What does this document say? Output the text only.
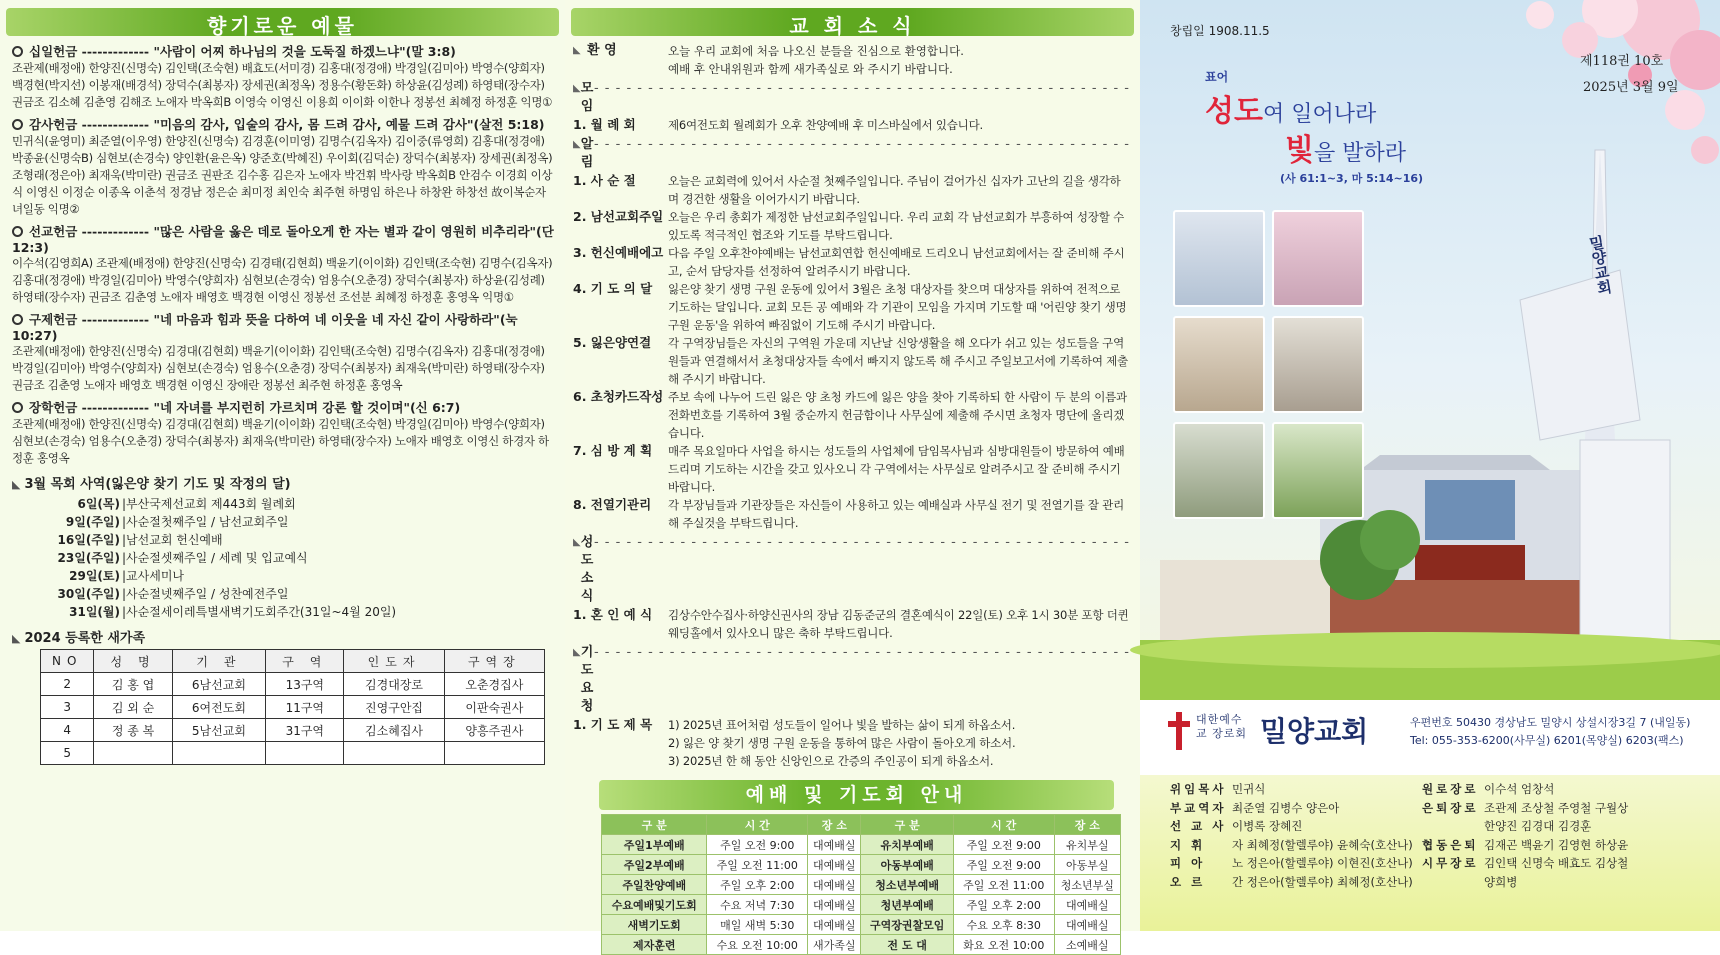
향기로운 예물
십일헌금 ------------- "사람이 어찌 하나님의 것을 도둑질 하겠느냐"(말 3:8)
조관제(배정애) 한양진(신명숙) 김인택(조숙현) 배효도(서미경) 김홍대(정경애) 박경일(김미아) 박영수(양희자) 백경현(박지선) 이봉재(배경석) 장덕수(최봉자) 장세권(최정옥) 정용수(황돈화) 하상윤(김성례) 하영태(장수자) 권금조 김소혜 김춘영 김해조 노애자 박옥희B 이영숙 이영신 이용희 이이화 이한나 정봉선 최혜정 하정훈 익명①
감사헌금 ------------- "미음의 감사, 입술의 감사, 몸 드려 감사, 예물 드려 감사"(살전 5:18)
민귀식(윤영미) 최준열(이우영) 한양진(신명숙) 김경훈(이미영) 김명수(김옥자) 김이중(류영희) 김홍대(정경애) 박종윤(신명숙B) 심현보(손경숙) 양인환(윤은옥) 양준호(박혜진) 우이회(김덕순) 장덕수(최봉자) 장세권(최정옥) 조형래(정은아) 최재욱(박미란) 권금조 권판조 김수홍 김은자 노애자 박건휘 박사랑 박옥희B 안검수 이경희 이상식 이영신 이정순 이종옥 이춘석 정경남 정은순 최미정 최인숙 최주현 하명임 하은나 하창완 하창선 故이복순자녀일동 익명②
선교헌금 ------------- "많은 사람을 옳은 데로 돌아오게 한 자는 별과 같이 영원히 비추리라"(단 12:3)
이수석(김영희A) 조관제(배정애) 한양진(신명숙) 김경태(김현희) 백윤기(이이화) 김인택(조숙현) 김명수(김옥자) 김홍대(정경애) 박경일(김미아) 박영수(양희자) 심현보(손경숙) 엄용수(오춘경) 장덕수(최봉자) 하상윤(김성례) 하영태(장수자) 권금조 김춘영 노애자 배영호 백경현 이영신 정봉선 조선분 최혜정 하정훈 홍영옥 익명①
구제헌금 ------------- "네 마음과 힘과 뜻을 다하여 네 이웃을 네 자신 같이 사랑하라"(눅 10:27)
조관제(배정애) 한양진(신명숙) 김경대(김현희) 백윤기(이이화) 김인택(조숙현) 김명수(김옥자) 김홍대(정경애) 박경일(김미아) 박영수(양희자) 심현보(손경숙) 엄용수(오춘경) 장덕수(최봉자) 최재욱(박미란) 하영태(장수자) 권금조 김춘영 노애자 배영호 백경현 이영신 장애란 정봉선 최주현 하정훈 홍영옥
장학헌금 ------------- "네 자녀를 부지런히 가르치며 강론 할 것이며"(신 6:7)
조관제(배정애) 한양진(신명숙) 김경대(김현희) 백윤기(이이화) 김인택(조숙현) 박경일(김미아) 박영수(양희자) 심현보(손경숙) 엄용수(오춘경) 장덕수(최봉자) 최재욱(박미란) 하영태(장수자) 노애자 배영호 이영신 하경자 하정훈 홍영옥
◣ 3월 목회 사역(잃은양 찾기 기도 및 작정의 달)
6일(목) | 부산국제선교회 제443회 월례회
9일(주일) | 사순절첫째주일 / 남선교회주일
16일(주일) | 남선교회 헌신예배
23일(주일) | 사순절셋째주일 / 세례 및 입교예식
29일(토) | 교사세미나
30일(주일) | 사순절넷째주일 / 성찬예전주일
31일(월) | 사순절세이레특별새벽기도회주간(31일~4월 20일)
◣ 2024 등록한 새가족
NO	성 명	기 관	구 역	인도자	구역장
2	김 홍 엽	6남선교회	13구역	김경대장로	오춘경집사
3	김 외 순	6여전도회	11구역	진영구안집	이판숙권사
4	정 종 복	5남선교회	31구역	김소혜집사	양흥주권사
5					
교 회 소 식
◣ 환 영	오늘 우리 교회에 처음 나오신 분들을 진심으로 환영합니다.
예배 후 안내위원과 함께 새가족실로 와 주시기 바랍니다.
◣ 모 임
- - - - - - - - - - - - - - - - - - - - - - - - - - - - - - - - - - - - - - - - - - - - - - - - - -
1. 월 례 회	제6여전도회 월례회가 오후 찬양예배 후 미스바실에서 있습니다.
◣ 알 림
- - - - - - - - - - - - - - - - - - - - - - - - - - - - - - - - - - - - - - - - - - - - - - - - - -
1. 사 순 절	오늘은 교회력에 있어서 사순절 첫째주일입니다. 주님이 걸어가신 십자가 고난의 길을 생각하며 경건한 생활을 이어가시기 바랍니다.
2. 남선교회주일 오늘은 우리 총회가 제정한 남선교회주일입니다. 우리 교회 각 남선교회가 부흥하여 성장할 수 있도록 적극적인 협조와 기도를 부탁드립니다.
3. 헌신예배에고 다음 주일 오후찬야예배는 남선교회연합 헌신예배로 드리오니 남선교회에서는 잘 준비해 주시고, 순서 담당자를 선정하여 알려주시기 바랍니다.
4. 기 도 의 달	잃은양 찾기 생명 구원 운동에 있어서 3월은 초청 대상자를 찾으며 대상자를 위하여 전적으로 기도하는 달입니다. 교회 모든 공 예배와 각 기관이 모임을 가지며 기도할 때 '어린양 찾기 생명 구원 운동'을 위하여 빠짐없이 기도해 주시기 바랍니다.
5. 잃은양연결	각 구역장님들은 자신의 구역원 가운데 지난날 신앙생활을 해 오다가 쉬고 있는 성도들을 구역원들과 연결해서서 초청대상자들 속에서 빠지지 않도록 해 주시고 주일보고서에 기록하여 제출해 주시기 바랍니다.
6. 초청카드작성 주보 속에 나누어 드린 잃은 양 초청 카드에 잃은 양을 찾아 기록하되 한 사람이 두 분의 이름과 전화번호를 기록하여 3월 중순까지 헌금함이나 사무실에 제출해 주시면 초청자 명단에 올리겠습니다.
7. 심 방 계 획	매주 목요일마다 사업을 하시는 성도들의 사업체에 담임목사님과 심방대원들이 방문하여 예배드리며 기도하는 시간을 갖고 있사오니 각 구역에서는 사무실로 알려주시고 잘 준비해 주시기 바랍니다.
8. 전열기관리	각 부장님들과 기관장들은 자신들이 사용하고 있는 예배실과 사무실 전기 및 전열기를 잘 관리해 주실것을 부탁드립니다.
◣ 성 도 소 식
- - - - - - - - - - - - - - - - - - - - - - - - - - - - - - - - - - - - - - - - - - - - - - - - - -
1. 혼 인 예 식	김상수안수집사·하양신권사의 장남 김동준군의 결혼예식이 22일(토) 오후 1시 30분 포항 더퀸웨딩홀에서 있사오니 많은 축하 부탁드립니다.
◣ 기 도 요 청
- - - - - - - - - - - - - - - - - - - - - - - - - - - - - - - - - - - - - - - - - - - - - - - - - -
1. 기 도 제 목	1) 2025년 표어처럼 성도들이 일어나 빛을 발하는 삶이 되게 하옵소서.
2) 잃은 양 찾기 생명 구원 운동을 통하여 많은 사람이 돌아오게 하소서.
3) 2025년 한 해 동안 신앙인으로 간증의 주인공이 되게 하옵소서.
예배 및 기도회 안내
구 분	시 간	장 소	구 분	시 간	장 소
주일1부예배	주일 오전 9:00	대예배실	유치부예배	주일 오전 9:00	유치부실
주일2부예배	주일 오전 11:00	대예배실	아동부예배	주일 오전 9:00	아동부실
주일찬양예배	주일 오후 2:00	대예배실	청소년부예배	주일 오전 11:00	청소년부실
수요예배및기도회	수요 저녁 7:30	대예배실	청년부예배	주일 오후 2:00	대예배실
새벽기도회	매일 새벽 5:30	대예배실	구역장권찰모임	수요 오후 8:30	대예배실
제자훈련	수요 오전 10:00	새가족실	전 도 대	화요 오전 10:00	소예배실
창립일 1908.11.5
제118권 10호
2025년 3월 9일
표어
성도여 일어나라
빛을 발하라
(사 61:1~3, 마 5:14~16)
밀양교회
대한예수교 장로회 밀양교회	우편번호 50430 경상남도 밀양시 상설시장3길 7 (내일동)
Tel: 055-353-6200(사무실) 6201(목양실) 6203(팩스)
위임목사 민귀식
부교역자 최준열 김병수 양은아
선 교 사 이병록 장혜진
지 휘	자 최혜정(할렐루야) 윤혜숙(호산나)
피 아	노 정은아(할렐루야) 이현진(호산나)
오 르	간 정은아(할렐루야) 최혜정(호산나)
원로장로 이수석 엄창석
은퇴장로 조관제 조상철 주영철 구월상
한양진 김경대 김경훈
협동은퇴 김재곤 백윤기 김영현 하상윤
시무장로 김인택 신명숙 배효도 김상철
양희병
